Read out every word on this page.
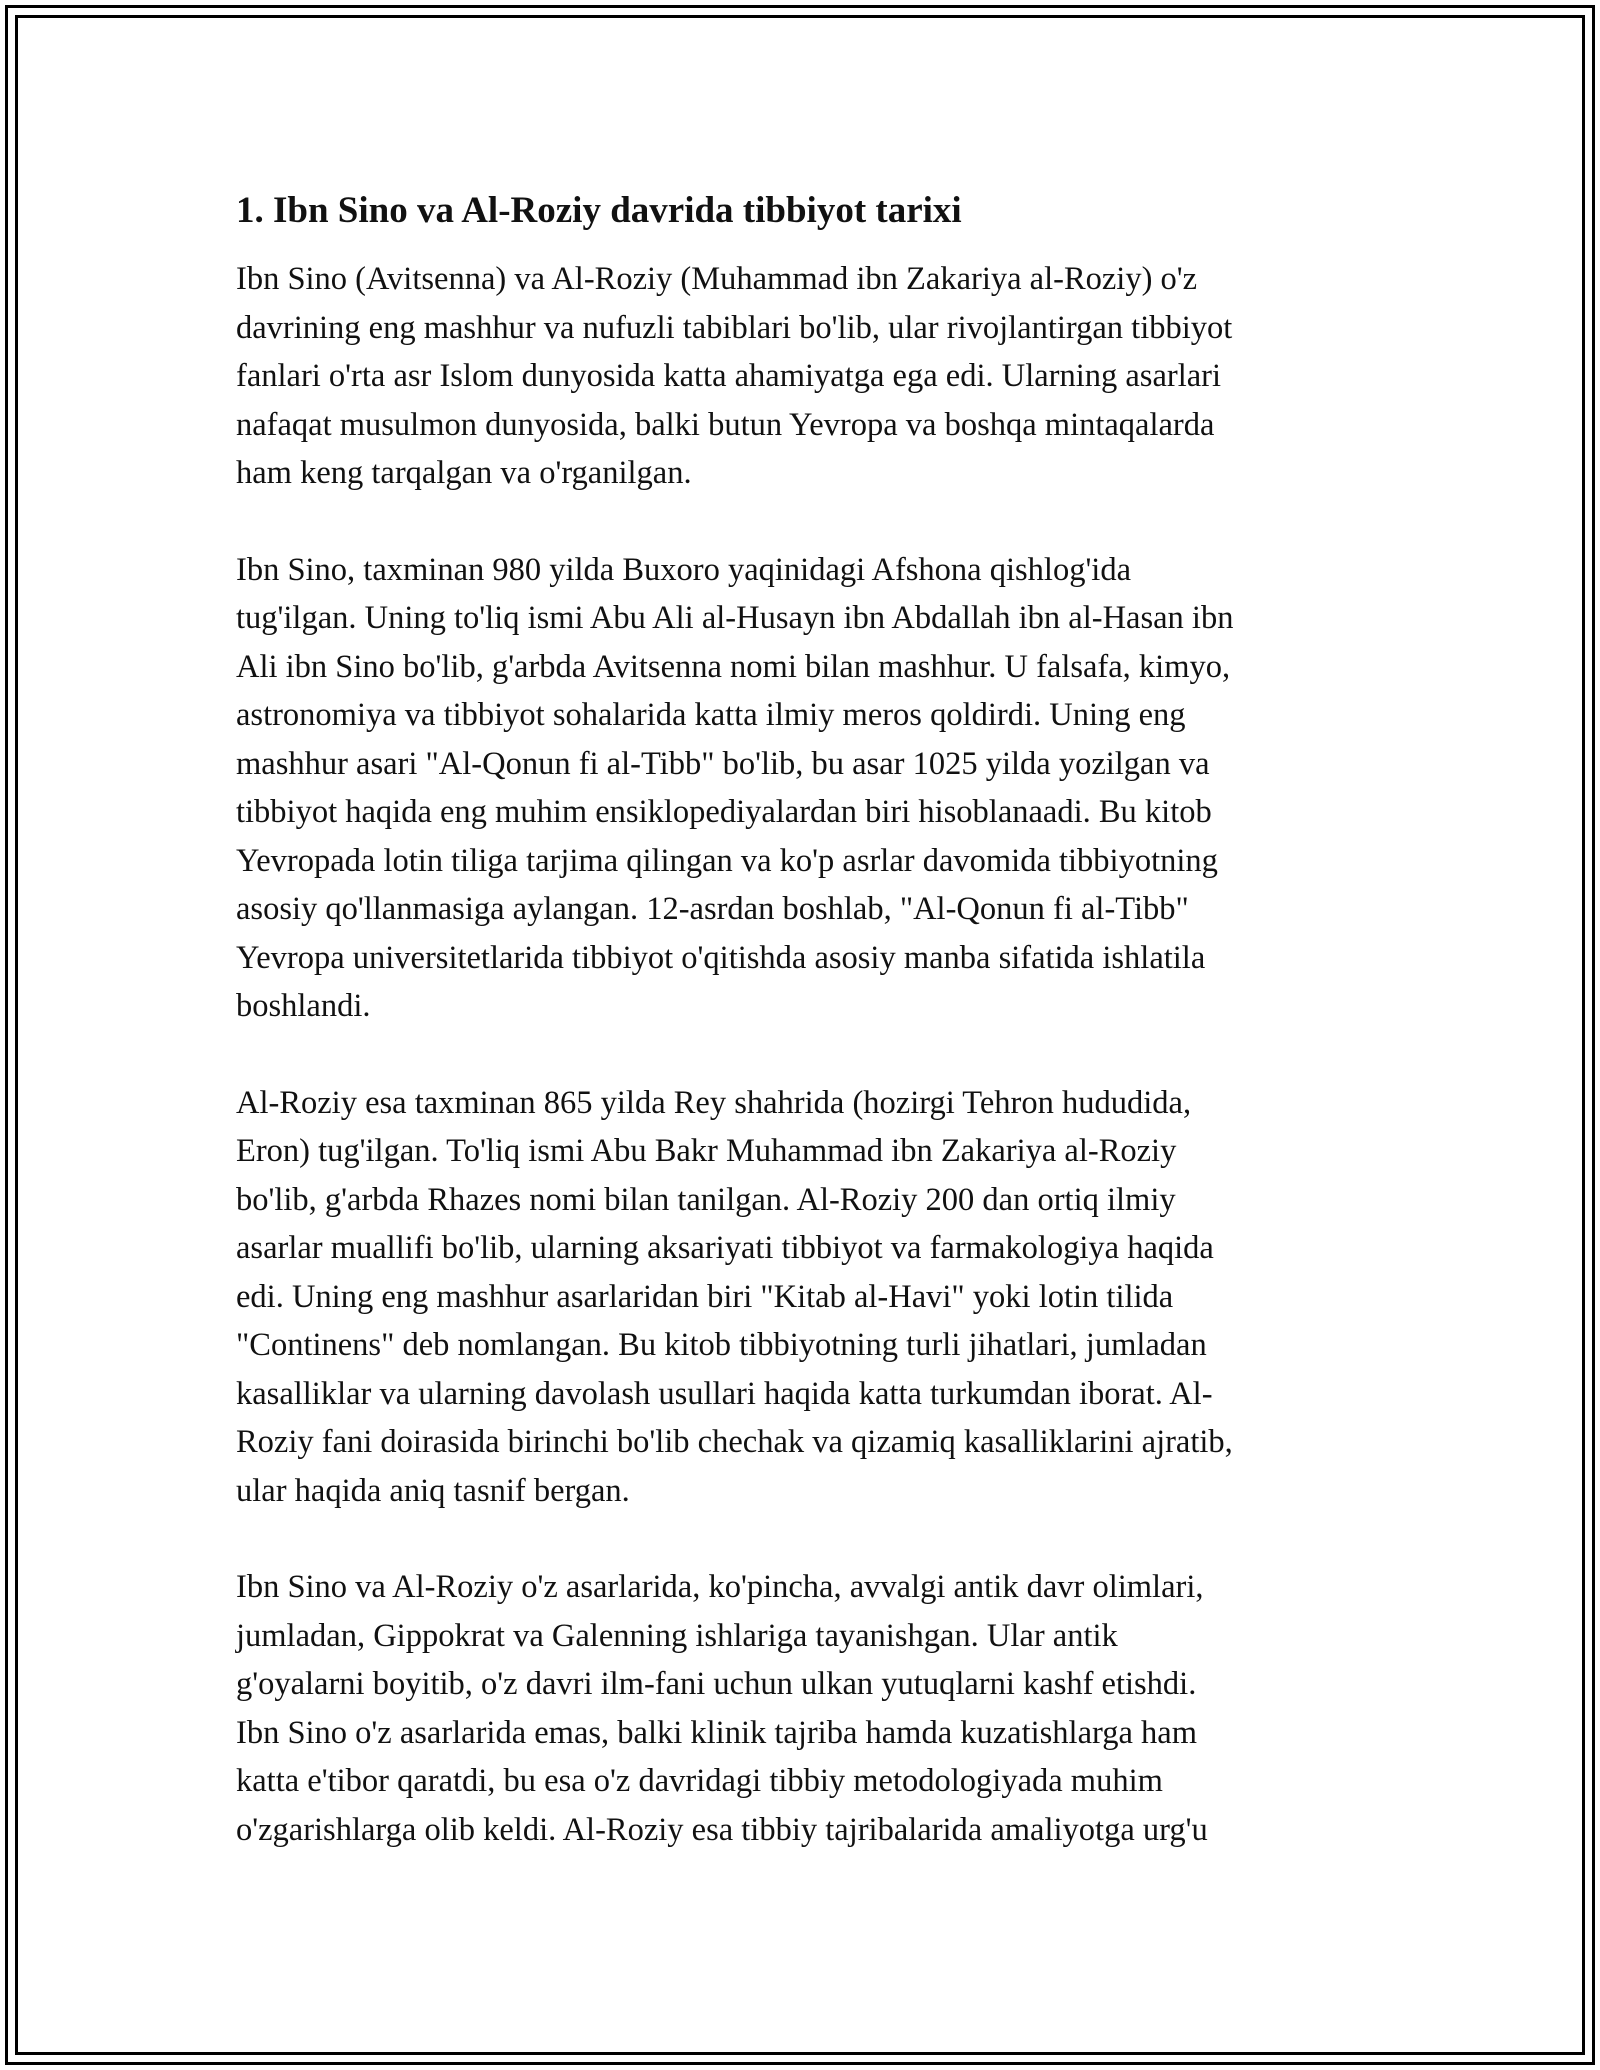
1. Ibn Sino va Al-Roziy davrida tibbiyot tarixi
Ibn Sino (Avitsenna) va Al-Roziy (Muhammad ibn Zakariya al-Roziy) o'z
davrining eng mashhur va nufuzli tabiblari bo'lib, ular rivojlantirgan tibbiyot
fanlari o'rta asr Islom dunyosida katta ahamiyatga ega edi. Ularning asarlari
nafaqat musulmon dunyosida, balki butun Yevropa va boshqa mintaqalarda
ham keng tarqalgan va o'rganilgan.
Ibn Sino, taxminan 980 yilda Buxoro yaqinidagi Afshona qishlog'ida
tug'ilgan. Uning to'liq ismi Abu Ali al-Husayn ibn Abdallah ibn al-Hasan ibn
Ali ibn Sino bo'lib, g'arbda Avitsenna nomi bilan mashhur. U falsafa, kimyo,
astronomiya va tibbiyot sohalarida katta ilmiy meros qoldirdi. Uning eng
mashhur asari "Al-Qonun fi al-Tibb" bo'lib, bu asar 1025 yilda yozilgan va
tibbiyot haqida eng muhim ensiklopediyalardan biri hisoblanaadi. Bu kitob
Yevropada lotin tiliga tarjima qilingan va ko'p asrlar davomida tibbiyotning
asosiy qo'llanmasiga aylangan. 12-asrdan boshlab, "Al-Qonun fi al-Tibb"
Yevropa universitetlarida tibbiyot o'qitishda asosiy manba sifatida ishlatila
boshlandi.
Al-Roziy esa taxminan 865 yilda Rey shahrida (hozirgi Tehron hududida,
Eron) tug'ilgan. To'liq ismi Abu Bakr Muhammad ibn Zakariya al-Roziy
bo'lib, g'arbda Rhazes nomi bilan tanilgan. Al-Roziy 200 dan ortiq ilmiy
asarlar muallifi bo'lib, ularning aksariyati tibbiyot va farmakologiya haqida
edi. Uning eng mashhur asarlaridan biri "Kitab al-Havi" yoki lotin tilida
"Continens" deb nomlangan. Bu kitob tibbiyotning turli jihatlari, jumladan
kasalliklar va ularning davolash usullari haqida katta turkumdan iborat. Al-
Roziy fani doirasida birinchi bo'lib chechak va qizamiq kasalliklarini ajratib,
ular haqida aniq tasnif bergan.
Ibn Sino va Al-Roziy o'z asarlarida, ko'pincha, avvalgi antik davr olimlari,
jumladan, Gippokrat va Galenning ishlariga tayanishgan. Ular antik
g'oyalarni boyitib, o'z davri ilm-fani uchun ulkan yutuqlarni kashf etishdi.
Ibn Sino o'z asarlarida emas, balki klinik tajriba hamda kuzatishlarga ham
katta e'tibor qaratdi, bu esa o'z davridagi tibbiy metodologiyada muhim
o'zgarishlarga olib keldi. Al-Roziy esa tibbiy tajribalarida amaliyotga urg'u
